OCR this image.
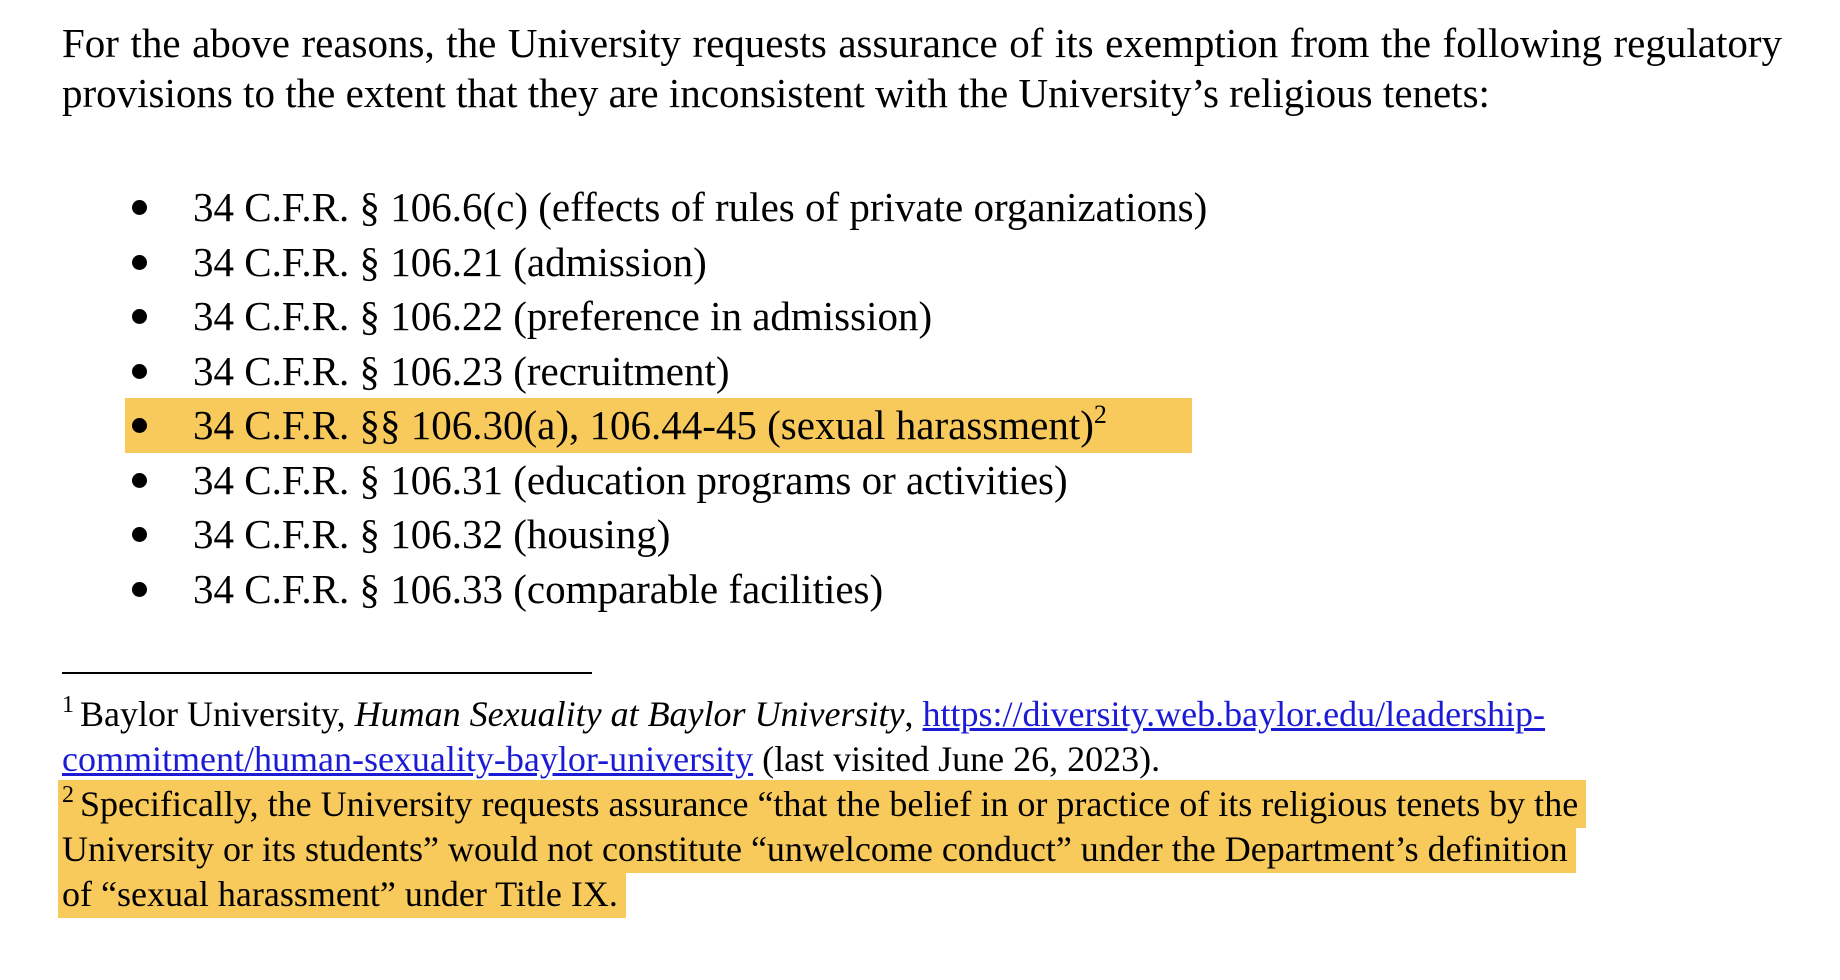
For the above reasons, the University requests assurance of its exemption from the following regulatory provisions to the extent that they are inconsistent with the University’s religious tenets:

34 C.F.R. § 106.6(c) (effects of rules of private organizations)
34 C.F.R. § 106.21 (admission)
34 C.F.R. § 106.22 (preference in admission)
34 C.F.R. § 106.23 (recruitment)
34 C.F.R. §§ 106.30(a), 106.44-45 (sexual harassment)$^2$
34 C.F.R. § 106.31 (education programs or activities)
34 C.F.R. § 106.32 (housing)
34 C.F.R. § 106.33 (comparable facilities)
$^1$ Baylor University, Human Sexuality at Baylor University, https://diversity.web.baylor.edu/leadership-
commitment/human-sexuality-baylor-university (last visited June 26, 2023).
$^2$ Specifically, the University requests assurance “that the belief in or practice of its religious tenets by the
University or its students” would not constitute “unwelcome conduct” under the Department’s definition
of “sexual harassment” under Title IX.
